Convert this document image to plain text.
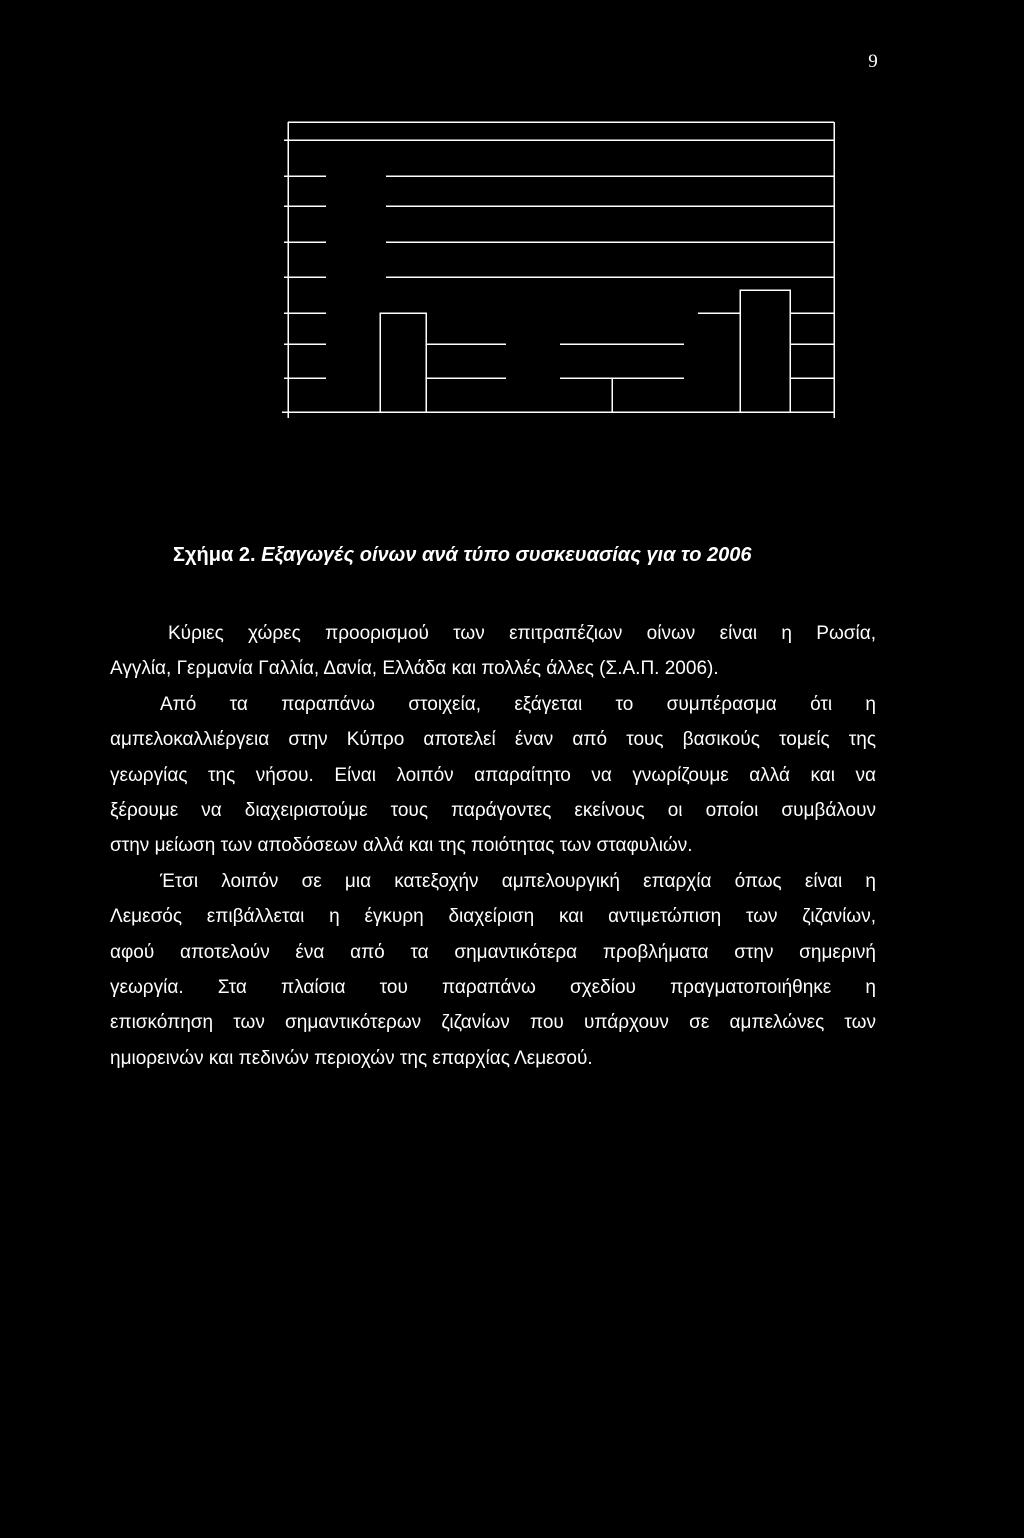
9
Σχήμα 2. Εξαγωγές οίνων ανά τύπο συσκευασίας για το 2006
Κύριες χώρες προορισμού των επιτραπέζιων οίνων είναι η Ρωσία,
Αγγλία, Γερμανία Γαλλία, Δανία, Ελλάδα και πολλές άλλες (Σ.Α.Π. 2006).
Από τα παραπάνω στοιχεία, εξάγεται το συμπέρασμα ότι η
αμπελοκαλλιέργεια στην Κύπρο αποτελεί έναν από τους βασικούς τομείς της
γεωργίας της νήσου. Είναι λοιπόν απαραίτητο να γνωρίζουμε αλλά και να
ξέρουμε να διαχειριστούμε τους παράγοντες εκείνους οι οποίοι συμβάλουν
στην μείωση των αποδόσεων αλλά και της ποιότητας των σταφυλιών.
Έτσι λοιπόν σε μια κατεξοχήν αμπελουργική επαρχία όπως είναι η
Λεμεσός επιβάλλεται η έγκυρη διαχείριση και αντιμετώπιση των ζιζανίων,
αφού αποτελούν ένα από τα σημαντικότερα προβλήματα στην σημερινή
γεωργία. Στα πλαίσια του παραπάνω σχεδίου πραγματοποιήθηκε η
επισκόπηση των σημαντικότερων ζιζανίων που υπάρχουν σε αμπελώνες των
ημιορεινών και πεδινών περιοχών της επαρχίας Λεμεσού.
